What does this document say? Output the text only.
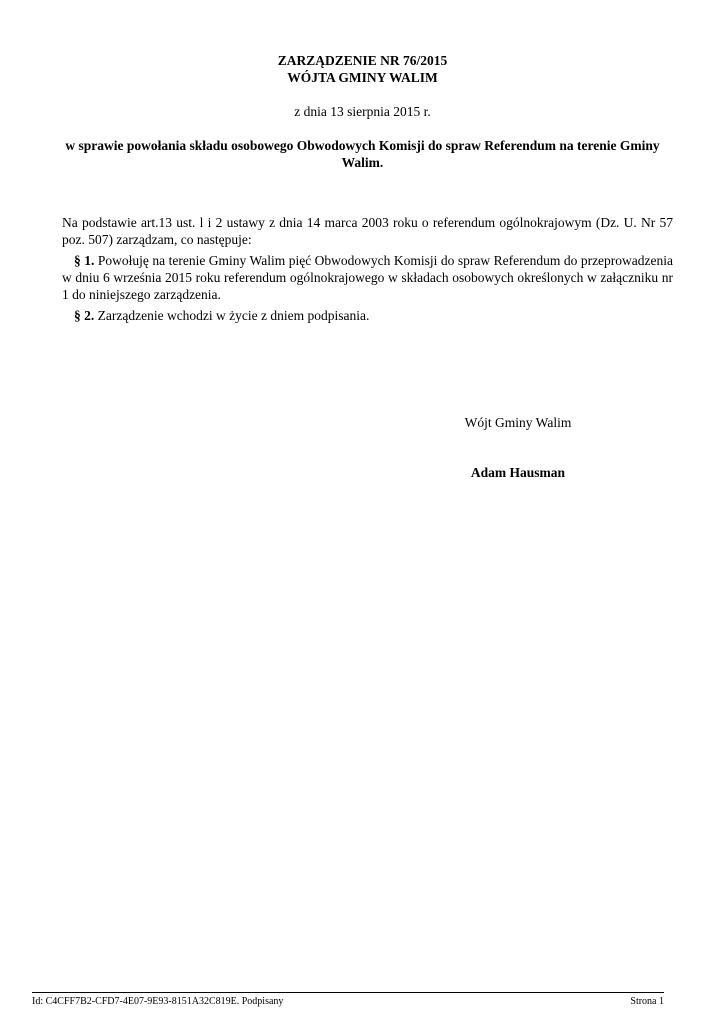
ZARZĄDZENIE NR 76/2015
WÓJTA GMINY WALIM
z dnia 13 sierpnia 2015 r.
w sprawie powołania składu osobowego Obwodowych Komisji do spraw Referendum na terenie Gminy Walim.

Na podstawie art.13 ust. l i 2 ustawy z dnia 14 marca 2003 roku o referendum ogólnokrajowym (Dz. U. Nr 57 poz. 507) zarządzam, co następuje:

§ 1. Powołuję na terenie Gminy Walim pięć Obwodowych Komisji do spraw Referendum do przeprowadzenia w dniu 6 września 2015 roku referendum ogólnokrajowego w składach osobowych określonych w załączniku nr 1 do niniejszego zarządzenia.

§ 2. Zarządzenie wchodzi w życie z dniem podpisania.

Wójt Gminy Walim
Adam Hausman
Id: C4CFF7B2-CFD7-4E07-9E93-8151A32C819E. Podpisany	Strona 1
